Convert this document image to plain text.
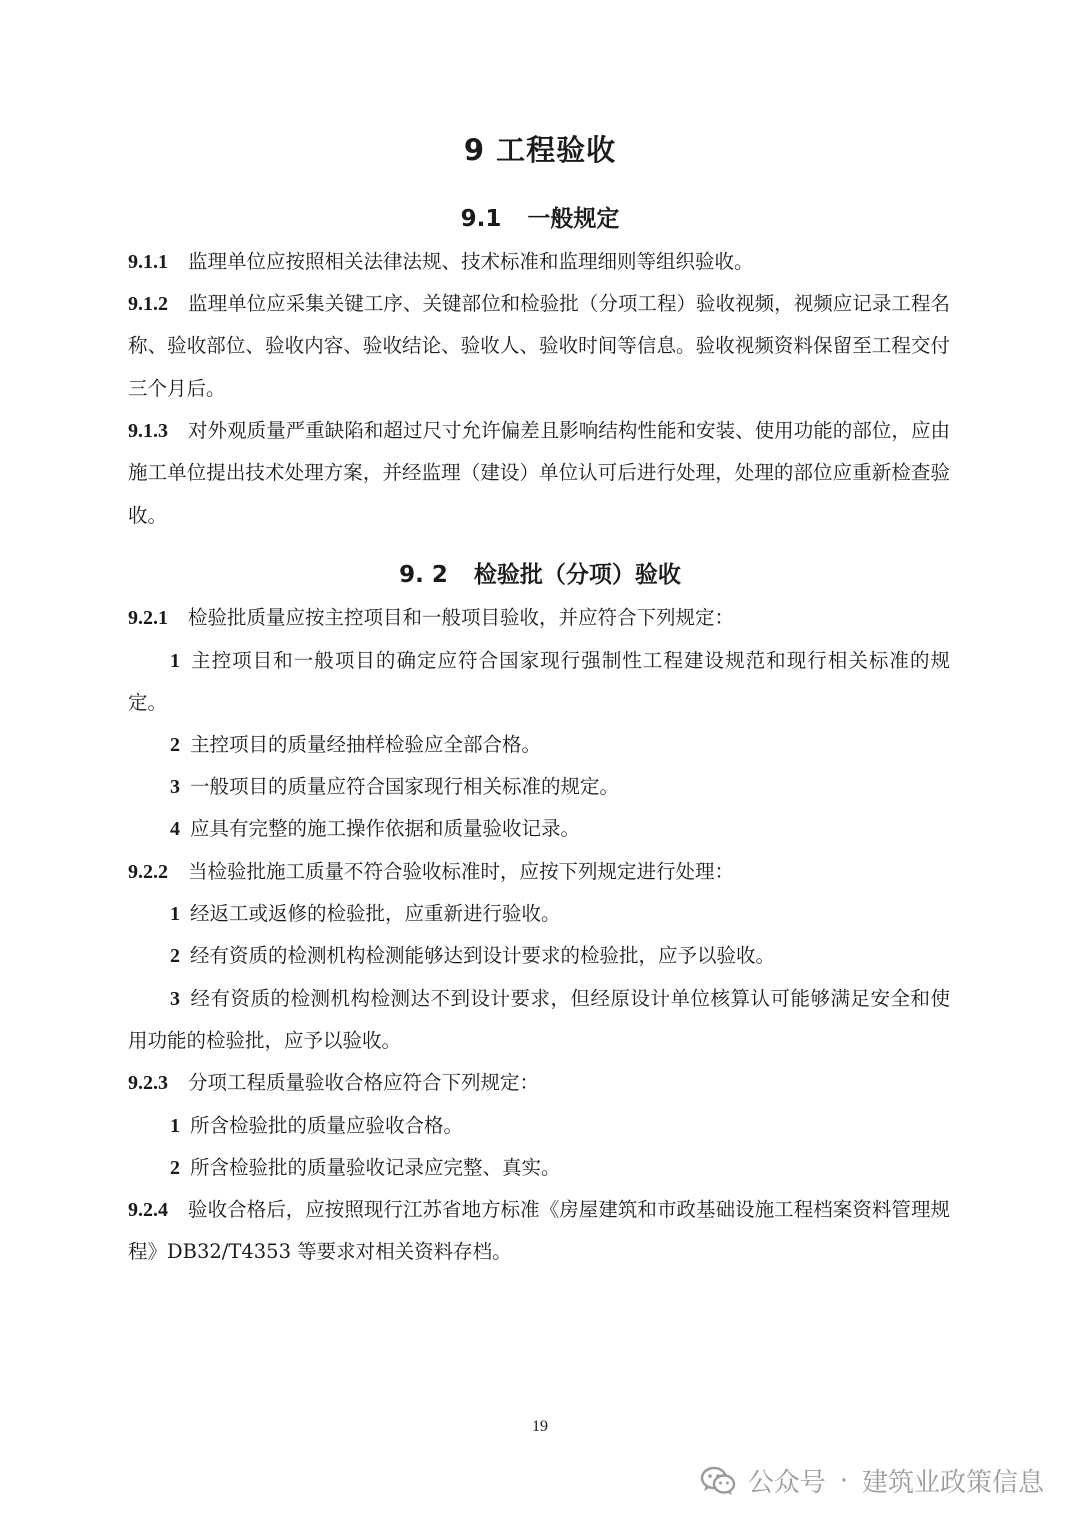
9 工程验收
9.1 一般规定

9.1.1 监理单位应按照相关法律法规、技术标准和监理细则等组织验收。

9.1.2 监理单位应采集关键工序、关键部位和检验批（分项工程）验收视频，视频应记录工程名称、验收部位、验收内容、验收结论、验收人、验收时间等信息。验收视频资料保留至工程交付三个月后。

9.1.3 对外观质量严重缺陷和超过尺寸允许偏差且影响结构性能和安装、使用功能的部位，应由施工单位提出技术处理方案，并经监理（建设）单位认可后进行处理，处理的部位应重新检查验收。

9. 2 检验批（分项）验收

9.2.1 检验批质量应按主控项目和一般项目验收，并应符合下列规定：

1 主控项目和一般项目的确定应符合国家现行强制性工程建设规范和现行相关标准的规定。

2 主控项目的质量经抽样检验应全部合格。

3 一般项目的质量应符合国家现行相关标准的规定。

4 应具有完整的施工操作依据和质量验收记录。

9.2.2 当检验批施工质量不符合验收标准时，应按下列规定进行处理：

1 经返工或返修的检验批，应重新进行验收。

2 经有资质的检测机构检测能够达到设计要求的检验批，应予以验收。

3 经有资质的检测机构检测达不到设计要求，但经原设计单位核算认可能够满足安全和使用功能的检验批，应予以验收。

9.2.3 分项工程质量验收合格应符合下列规定：

1 所含检验批的质量应验收合格。

2 所含检验批的质量验收记录应完整、真实。

9.2.4 验收合格后，应按照现行江苏省地方标准《房屋建筑和市政基础设施工程档案资料管理规程》DB32/T4353 等要求对相关资料存档。

19
公众号 · 建筑业政策信息
